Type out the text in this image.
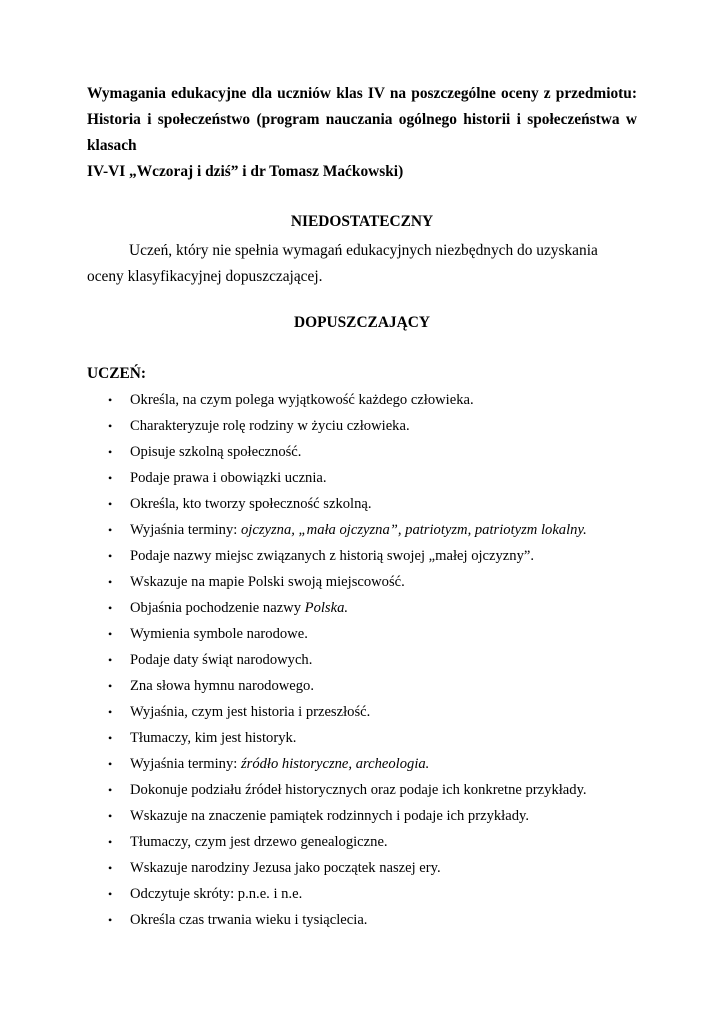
Wymagania edukacyjne dla uczniów klas IV na poszczególne oceny z przedmiotu:
Historia i społeczeństwo (program nauczania ogólnego historii i społeczeństwa w klasach
IV-VI „Wczoraj i dziś” i dr Tomasz Maćkowski)

NIEDOSTATECZNY

Uczeń, który nie spełnia wymagań edukacyjnych niezbędnych do uzyskania oceny klasyfikacyjnej dopuszczającej.

DOPUSZCZAJĄCY

UCZEŃ:

• Określa, na czym polega wyjątkowość każdego człowieka.
• Charakteryzuje rolę rodziny w życiu człowieka.
• Opisuje szkolną społeczność.
• Podaje prawa i obowiązki ucznia.
• Określa, kto tworzy społeczność szkolną.
• Wyjaśnia terminy: ojczyzna, „mała ojczyzna”, patriotyzm, patriotyzm lokalny.
• Podaje nazwy miejsc związanych z historią swojej „małej ojczyzny”.
• Wskazuje na mapie Polski swoją miejscowość.
• Objaśnia pochodzenie nazwy Polska.
• Wymienia symbole narodowe.
• Podaje daty świąt narodowych.
• Zna słowa hymnu narodowego.
• Wyjaśnia, czym jest historia i przeszłość.
• Tłumaczy, kim jest historyk.
• Wyjaśnia terminy: źródło historyczne, archeologia.
• Dokonuje podziału źródeł historycznych oraz podaje ich konkretne przykłady.
• Wskazuje na znaczenie pamiątek rodzinnych i podaje ich przykłady.
• Tłumaczy, czym jest drzewo genealogiczne.
• Wskazuje narodziny Jezusa jako początek naszej ery.
• Odczytuje skróty: p.n.e. i n.e.
• Określa czas trwania wieku i tysiąclecia.
